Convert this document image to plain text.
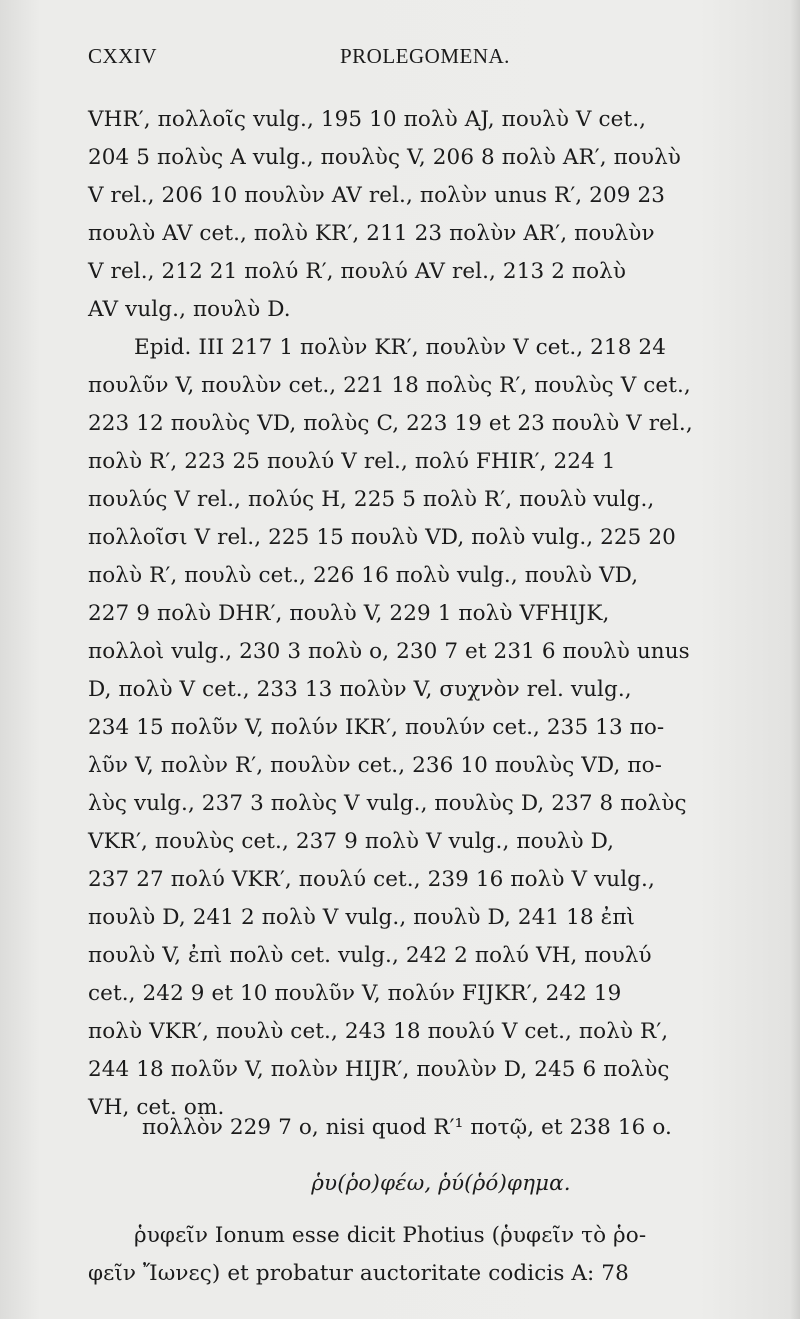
CXXIV	PROLEGOMENA.
VHR′, πολλοῖς vulg., 195 10 πολὺ AJ, πουλὺ V cet.,
204 5 πολὺς A vulg., πουλὺς V, 206 8 πολὺ AR′, πουλὺ
V rel., 206 10 πουλὺν AV rel., πολὺν unus R′, 209 23
πουλὺ AV cet., πολὺ KR′, 211 23 πολὺν AR′, πουλὺν
V rel., 212 21 πολύ R′, πουλύ AV rel., 213 2 πολὺ
AV vulg., πουλὺ D.
Epid. III 217 1 πολὺν KR′, πουλὺν V cet., 218 24
πουλῦν V, πουλὺν cet., 221 18 πολὺς R′, πουλὺς V cet.,
223 12 πουλὺς VD, πολὺς C, 223 19 et 23 πουλὺ V rel.,
πολὺ R′, 223 25 πουλύ V rel., πολύ FHIR′, 224 1
πουλύς V rel., πολύς H, 225 5 πολὺ R′, πουλὺ vulg.,
πολλοῖσι V rel., 225 15 πουλὺ VD, πολὺ vulg., 225 20
πολὺ R′, πουλὺ cet., 226 16 πολὺ vulg., πουλὺ VD,
227 9 πολὺ DHR′, πουλὺ V, 229 1 πολὺ VFHIJK,
πολλοὶ vulg., 230 3 πολὺ o, 230 7 et 231 6 πουλὺ unus
D, πολὺ V cet., 233 13 πολὺν V, συχνὸν rel. vulg.,
234 15 πολῦν V, πολύν IKR′, πουλύν cet., 235 13 πο-
λῦν V, πολὺν R′, πουλὺν cet., 236 10 πουλὺς VD, πο-
λὺς vulg., 237 3 πολὺς V vulg., πουλὺς D, 237 8 πολὺς
VKR′, πουλὺς cet., 237 9 πολὺ V vulg., πουλὺ D,
237 27 πολύ VKR′, πουλύ cet., 239 16 πολὺ V vulg.,
πουλὺ D, 241 2 πολὺ V vulg., πουλὺ D, 241 18 ἐπὶ
πουλὺ V, ἐπὶ πολὺ cet. vulg., 242 2 πολύ VH, πουλύ
cet., 242 9 et 10 πουλῦν V, πολύν FIJKR′, 242 19
πολὺ VKR′, πουλὺ cet., 243 18 πουλύ V cet., πολὺ R′,
244 18 πολῦν V, πολὺν HIJR′, πουλὺν D, 245 6 πολὺς
VH, cet. om.
πολλὸν 229 7 o, nisi quod R′¹ ποτῷ, et 238 16 o.
ῥυ(ῥο)φέω, ῥύ(ῥό)φημα.
ῥυφεῖν Ionum esse dicit Photius (ῥυφεῖν τὸ ῥο-
φεῖν Ἴωνες) et probatur auctoritate codicis A: 78
